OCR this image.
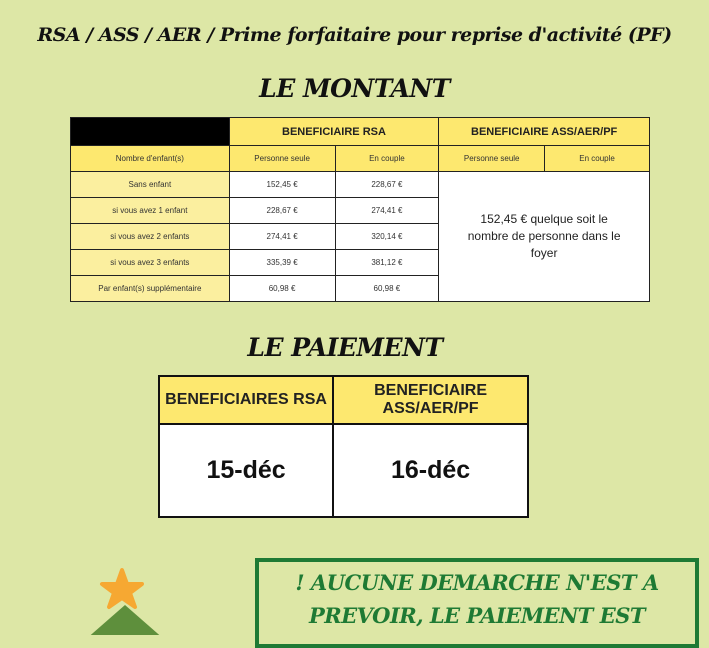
RSA / ASS / AER / Prime forfaitaire pour reprise d'activité (PF)
LE MONTANT
	BENEFICIAIRE RSA		BENEFICIAIRE ASS/AER/PF	
Nombre d'enfant(s)	Personne seule	En couple	Personne seule	En couple
Sans enfant	152,45 €	228,67 €	152,45 € quelque soit le nombre de personne dans le foyer	
si vous avez 1 enfant	228,67 €	274,41 €		
si vous avez 2 enfants	274,41 €	320,14 €		
si vous avez 3 enfants	335,39 €	381,12 €		
Par enfant(s) supplémentaire	60,98 €	60,98 €		
LE PAIEMENT
BENEFICIAIRES RSA	BENEFICIAIRE ASS/AER/PF
15-déc	16-déc
! AUCUNE DEMARCHE N'EST A
PREVOIR, LE PAIEMENT EST
